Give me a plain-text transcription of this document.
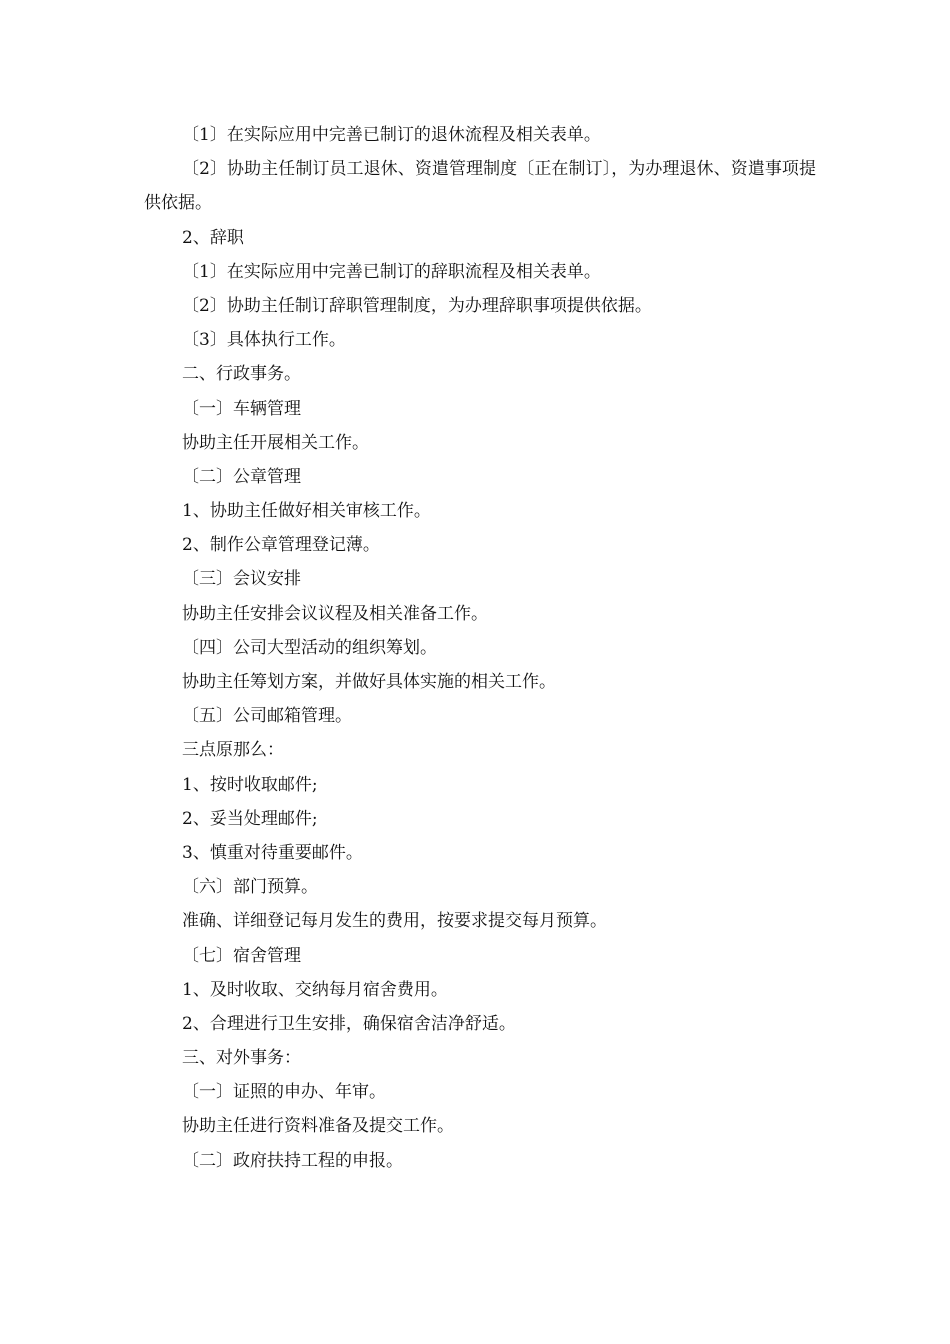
〔1〕在实际应用中完善已制订的退休流程及相关表单。
〔2〕协助主任制订员工退休、资遣管理制度〔正在制订〕，为办理退休、资遣事项提供依据。
2、辞职
〔1〕在实际应用中完善已制订的辞职流程及相关表单。
〔2〕协助主任制订辞职管理制度，为办理辞职事项提供依据。
〔3〕具体执行工作。
二、行政事务。
〔一〕车辆管理
协助主任开展相关工作。
〔二〕公章管理
1、协助主任做好相关审核工作。
2、制作公章管理登记薄。
〔三〕会议安排
协助主任安排会议议程及相关准备工作。
〔四〕公司大型活动的组织筹划。
协助主任筹划方案，并做好具体实施的相关工作。
〔五〕公司邮箱管理。
三点原那么：
1、按时收取邮件;
2、妥当处理邮件;
3、慎重对待重要邮件。
〔六〕部门预算。
准确、详细登记每月发生的费用，按要求提交每月预算。
〔七〕宿舍管理
1、及时收取、交纳每月宿舍费用。
2、合理进行卫生安排，确保宿舍洁净舒适。
三、对外事务：
〔一〕证照的申办、年审。
协助主任进行资料准备及提交工作。
〔二〕政府扶持工程的申报。
